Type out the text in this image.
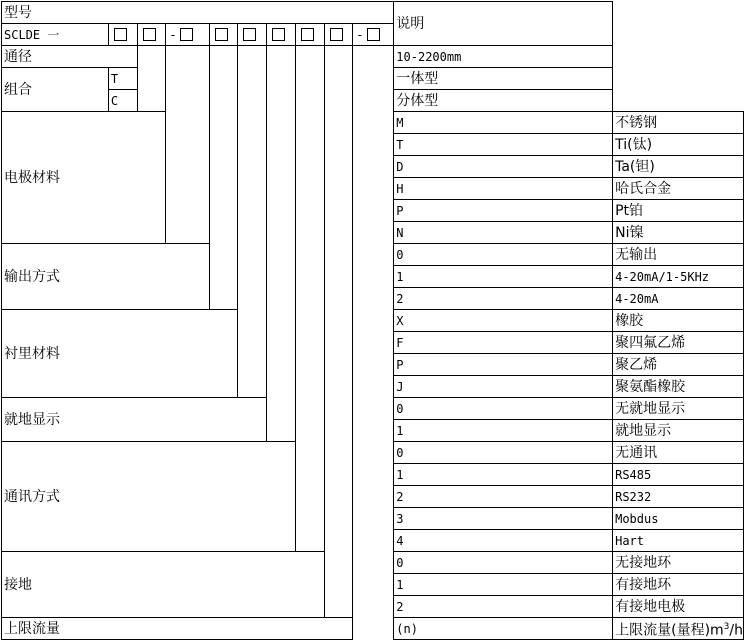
型号										说明	
SCLDE 一			-						-		
通径										10-2200mm	
组合	T									一体型	
	C									分体型	
电极材料										M	不锈钢
										T	Ti(钛)
										D	Ta(钽)
										H	哈氏合金
										P	Pt铂
										N	Ni镍
输出方式										0	无输出
										1	4-20mA/1-5KHz
										2	4-20mA
衬里材料										X	橡胶
										F	聚四氟乙烯
										P	聚乙烯
										J	聚氨酯橡胶
就地显示										0	无就地显示
										1	就地显示
通讯方式										0	无通讯
										1	RS485
										2	RS232
										3	Mobdus
										4	Hart
接地										0	无接地环
										1	有接地环
										2	有接地电极
上限流量										(n)	上限流量(量程)$m^3/h$
